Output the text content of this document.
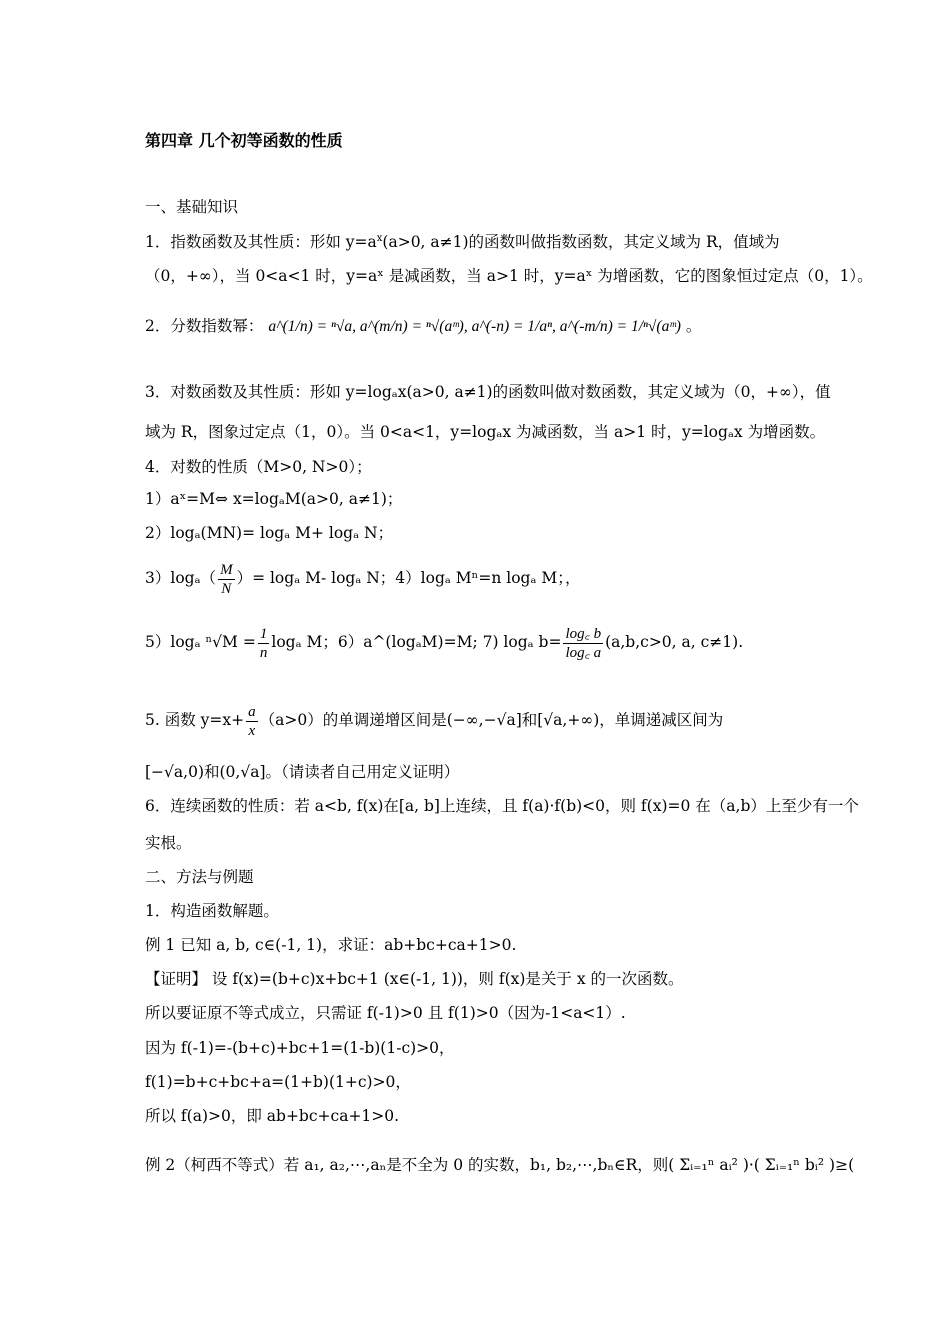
第四章 几个初等函数的性质
一、基础知识
1．指数函数及其性质：形如 $y=a^x(a>0$, a≠1)的函数叫做指数函数，其定义域为 R，值域为
（0，+∞），当 0<a<1 时，y=aˣ 是减函数，当 a>1 时，y=aˣ 为增函数，它的图象恒过定点（0，1）。
2．分数指数幂： a^(1/n) = ⁿ√a, a^(m/n) = ⁿ√(aᵐ), a^(-n) = 1/aⁿ, a^(-m/n) = 1/ⁿ√(aᵐ) 。
3．对数函数及其性质：形如 y=logₐx(a>0, a≠1)的函数叫做对数函数，其定义域为（0，+∞），值
域为 R，图象过定点（1，0）。当 0<a<1，y=logₐx 为减函数，当 a>1 时，y=logₐx 为增函数。
4．对数的性质（M>0, N>0）；
1）aˣ=M⇔ x=logₐM(a>0, a≠1)；
2）logₐ(MN)= logₐ M+ logₐ N；
$3)\log_a( \frac{M}{N}$ ）= logₐ M- logₐ N；4）logₐ Mⁿ=n logₐ M；，
5）logₐ $^n√M = \frac{1}{n}$ logₐ M；6）a^(logₐM)=M; 7) logₐ $b= \frac{\log꜀ b}{\log꜀ a} (a,b,c>0$, a, c≠1).
5. 函数 $y=x+ \frac{a}{x} (a>0)$的单调递增区间是(−∞,−√a]和[√a,+∞)，单调递减区间为
[−√a,0)和(0,√a]。（请读者自己用定义证明）
6．连续函数的性质：若 a<b, f(x)在[a, b]上连续，且 f(a)·f(b)<0，则 f(x)=0 在（a,b）上至少有一个
实根。
二、方法与例题
1．构造函数解题。
例 1 已知 a, b, c∈(-1, 1)，求证：ab+bc+ca+1>0.
【证明】 设 f(x)=(b+c)x+bc+1 (x∈(-1, 1))，则 f(x)是关于 x 的一次函数。
所以要证原不等式成立，只需证 f(-1)>0 且 f(1)>0（因为-1<a<1）.
因为 f(-1)=-(b+c)+bc+1=(1-b)(1-c)>0，
f(1)=b+c+bc+a=(1+b)(1+c)>0，
所以 f(a)>0，即 ab+bc+ca+1>0.
例 2（柯西不等式）若 a₁, a₂,⋯,aₙ是不全为 0 的实数，b₁, b₂,⋯,bₙ∈R，则( Σᵢ₌₁ⁿ aᵢ² )·( Σᵢ₌₁ⁿ bᵢ² )≥(
